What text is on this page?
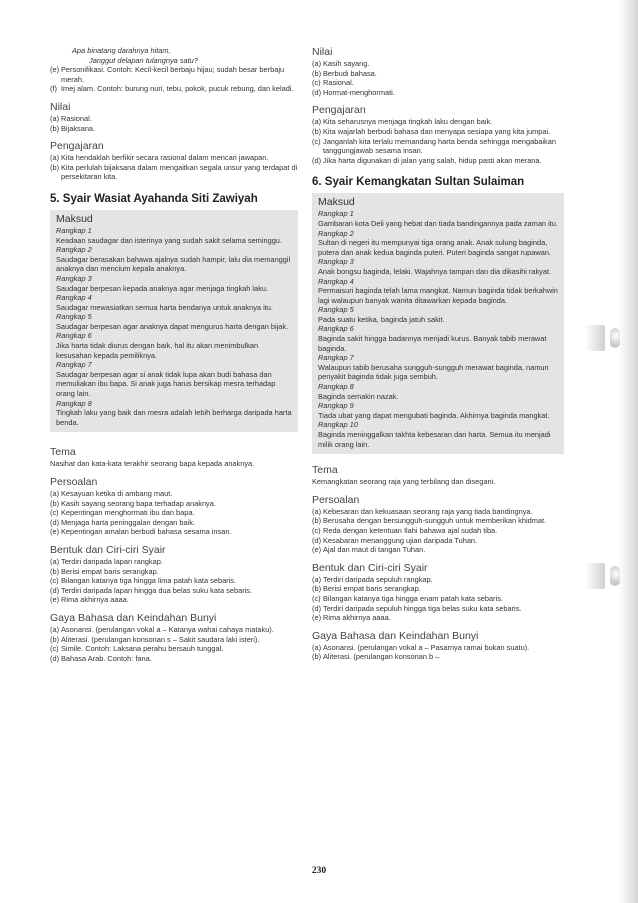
Apa binatang darahnya hitam,
Janggut delapan tulangnya satu?
(e) Personifikasi. Contoh: Kecil-kecil berbaju hijau; sudah besar berbaju merah.
(f) Imej alam. Contoh: burung nuri, tebu, pokok, pucuk rebung, dan keladi.
Nilai
(a) Rasional.
(b) Bijaksana.
Pengajaran
(a) Kita hendaklah berfikir secara rasional dalam mencari jawapan.
(b) Kita perlulah bijaksana dalam mengaitkan segala unsur yang terdapat di persekitaran kita.
5. Syair Wasiat Ayahanda Siti Zawiyah
Maksud
Rangkap 1
Keadaan saudagar dan isterinya yang sudah sakit selama seminggu.
Rangkap 2
Saudagar berasakan bahawa ajalnya sudah hampir, lalu dia memanggil anaknya dan mencium kepala anaknya.
Rangkap 3
Saudagar berpesan kepada anaknya agar menjaga tingkah laku.
Rangkap 4
Saudagar mewasiatkan semua harta bendanya untuk anaknya itu.
Rangkap 5
Saudagar berpesan agar anaknya dapat mengurus harta dengan bijak.
Rangkap 6
Jika harta tidak diurus dengan baik, hal itu akan menimbulkan kesusahan kepada pemiliknya.
Rangkap 7
Saudagar berpesan agar si anak tidak lupa akan budi bahasa dan memuliakan ibu bapa. Si anak juga harus bersikap mesra terhadap orang lain.
Rangkap 8
Tingkah laku yang baik dan mesra adalah lebih berharga daripada harta benda.
Tema
Nasihat dan kata-kata terakhir seorang bapa kepada anaknya.
Persoalan
(a) Kesayuan ketika di ambang maut.
(b) Kasih sayang seorang bapa terhadap anaknya.
(c) Kepentingan menghormati ibu dan bapa.
(d) Menjaga harta peninggalan dengan baik.
(e) Kepentingan amalan berbudi bahasa sesama insan.
Bentuk dan Ciri-ciri Syair
(a) Terdiri daripada lapan rangkap.
(b) Berisi empat baris serangkap.
(c) Bilangan katanya tiga hingga lima patah kata sebaris.
(d) Terdiri daripada lapan hingga dua belas suku kata sebaris.
(e) Rima akhirnya aaaa.
Gaya Bahasa dan Keindahan Bunyi
(a) Asonansi. (perulangan vokal a – Katanya wahai cahaya mataku).
(b) Aliterasi. (perulangan konsonan s – Sakit saudara laki isteri).
(c) Simile. Contoh: Laksana perahu bersauh tunggal.
(d) Bahasa Arab. Contoh: fana.
Nilai
(a) Kasih sayang.
(b) Berbudi bahasa.
(c) Rasional.
(d) Hormat-menghormati.
Pengajaran
(a) Kita seharusnya menjaga tingkah laku dengan baik.
(b) Kita wajarlah berbudi bahasa dan menyapa sesiapa yang kita jumpai.
(c) Janganlah kita terlalu memandang harta benda sehingga mengabaikan tanggungjawab sesama insan.
(d) Jika harta digunakan di jalan yang salah, hidup pasti akan merana.
6. Syair Kemangkatan Sultan Sulaiman
Maksud
Rangkap 1
Gambaran kota Deli yang hebat dan tiada bandingannya pada zaman itu.
Rangkap 2
Sultan di negeri itu mempunyai tiga orang anak. Anak sulung baginda, putera dan anak kedua baginda puteri. Puteri baginda sangat rupawan.
Rangkap 3
Anak bongsu baginda, lelaki. Wajahnya tampan dan dia dikasihi rakyat.
Rangkap 4
Permaisuri baginda telah lama mangkat. Namun baginda tidak berkahwin lagi walaupun banyak wanita ditawarkan kepada baginda.
Rangkap 5
Pada suatu ketika, baginda jatuh sakit.
Rangkap 6
Baginda sakit hingga badannya menjadi kurus. Banyak tabib merawat baginda.
Rangkap 7
Walaupun tabib berusaha sungguh-sungguh merawat baginda, namun penyakit baginda tidak juga sembuh.
Rangkap 8
Baginda semakin nazak.
Rangkap 9
Tiada ubat yang dapat mengubati baginda. Akhirnya baginda mangkat.
Rangkap 10
Baginda meninggalkan takhta kebesaran dan harta. Semua itu menjadi milik orang lain.
Tema
Kemangkatan seorang raja yang terbilang dan disegani.
Persoalan
(a) Kebesaran dan kekuasaan seorang raja yang tiada bandingnya.
(b) Berusaha dengan bersungguh-sungguh untuk memberikan khidmat.
(c) Reda dengan ketentuan Ilahi bahawa ajal sudah tiba.
(d) Kesabaran menanggung ujian daripada Tuhan.
(e) Ajal dan maut di tangan Tuhan.
Bentuk dan Ciri-ciri Syair
(a) Terdiri daripada sepuluh rangkap.
(b) Berisi empat baris serangkap.
(c) Bilangan katanya tiga hingga enam patah kata sebaris.
(d) Terdiri daripada sepuluh hingga tiga belas suku kata sebaris.
(e) Rima akhirnya aaaa.
Gaya Bahasa dan Keindahan Bunyi
(a) Asonansi. (perulangan vokal a – Pasarnya ramai bukan suatu).
(b) Aliterasi. (perulangan konsonan b –
230
